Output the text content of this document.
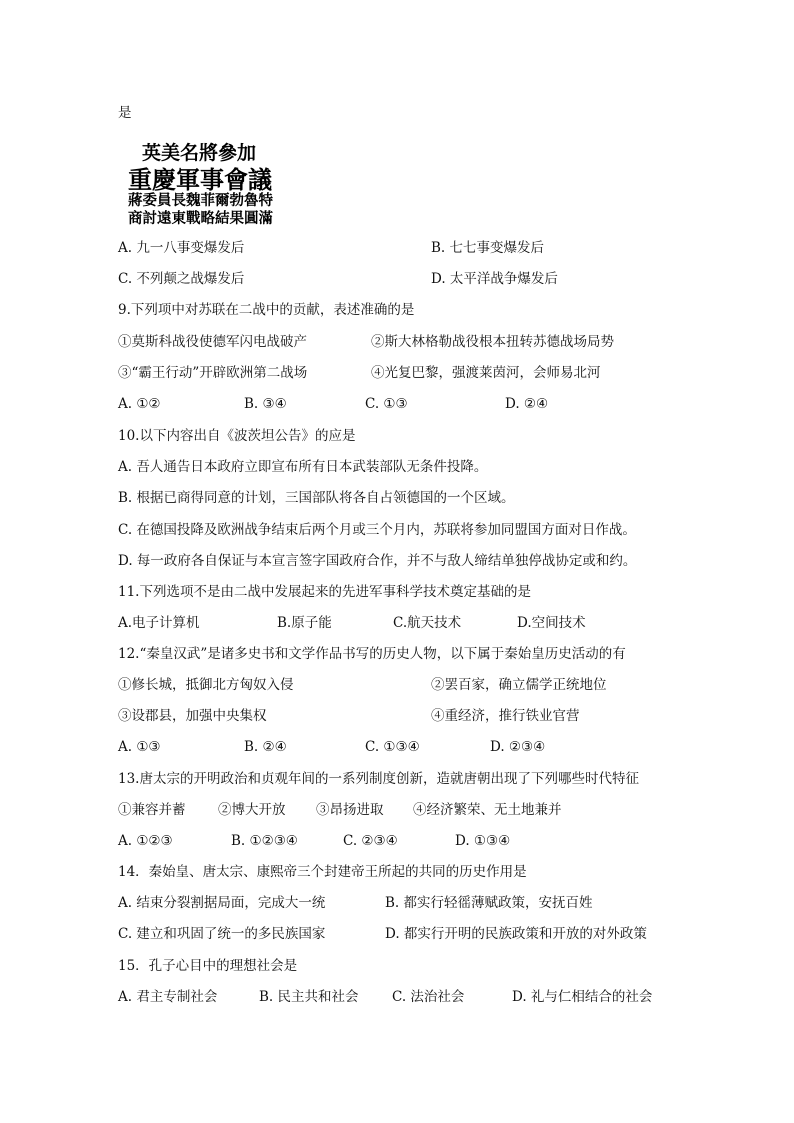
是
英美名將參加
重慶軍事會議
蔣委員長魏菲爾勃魯特
商討遠東戰略結果圓滿
A. 九一八事变爆发后	B. 七七事变爆发后
C. 不列颠之战爆发后	D. 太平洋战争爆发后
9.下列项中对苏联在二战中的贡献，表述准确的是
①莫斯科战役使德军闪电战破产	②斯大林格勒战役根本扭转苏德战场局势
③“霸王行动”开辟欧洲第二战场	④光复巴黎，强渡莱茵河，会师易北河
A. ①②	B. ③④	C. ①③	D. ②④
10.以下内容出自《波茨坦公告》的应是
A. 吾人通告日本政府立即宣布所有日本武装部队无条件投降。
B. 根据已商得同意的计划，三国部队将各自占领德国的一个区域。
C. 在德国投降及欧洲战争结束后两个月或三个月内，苏联将参加同盟国方面对日作战。
D. 每一政府各自保证与本宣言签字国政府合作，并不与敌人缔结单独停战协定或和约。
11.下列选项不是由二战中发展起来的先进军事科学技术奠定基础的是
A.电子计算机	B.原子能	C.航天技术	D.空间技术
12.“秦皇汉武”是诸多史书和文学作品书写的历史人物，以下属于秦始皇历史活动的有
①修长城，抵御北方匈奴入侵	②罢百家，确立儒学正统地位
③设郡县，加强中央集权	④重经济，推行铁业官营
A. ①③	B. ②④	C. ①③④	D. ②③④
13.唐太宗的开明政治和贞观年间的一系列制度创新，造就唐朝出现了下列哪些时代特征
①兼容并蓄 ②博大开放 ③昂扬进取 ④经济繁荣、无土地兼并
A. ①②③	B. ①②③④	C. ②③④	D. ①③④
14．秦始皇、唐太宗、康熙帝三个封建帝王所起的共同的历史作用是
A. 结束分裂割据局面，完成大一统	B. 都实行轻徭薄赋政策，安抚百姓
C. 建立和巩固了统一的多民族国家	D. 都实行开明的民族政策和开放的对外政策
15．孔子心目中的理想社会是
A. 君主专制社会	B. 民主共和社会 C. 法治社会	D. 礼与仁相结合的社会
